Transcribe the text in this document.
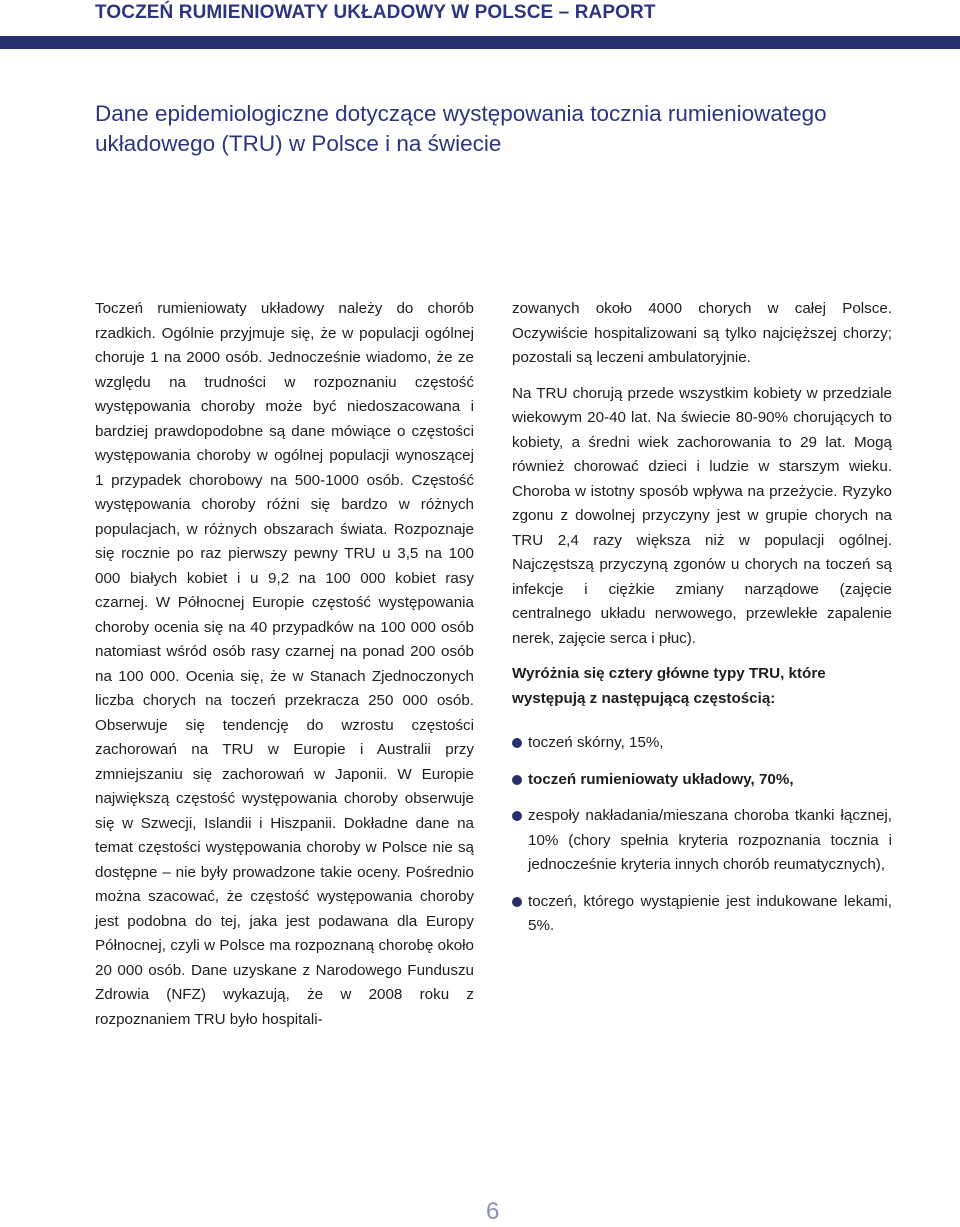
TOCZEŃ RUMIENIOWATY UKŁADOWY W POLSCE – RAPORT
Dane epidemiologiczne dotyczące występowania tocznia rumieniowatego układowego (TRU) w Polsce i na świecie

Toczeń rumieniowaty układowy należy do chorób rzadkich. Ogólnie przyjmuje się, że w populacji ogólnej choruje 1 na 2000 osób. Jednocześnie wiadomo, że ze względu na trudności w rozpoznaniu częstość występowania choroby może być niedoszacowana i bardziej prawdopodobne są dane mówiące o częstości występowania choroby w ogólnej populacji wynoszącej 1 przypadek chorobowy na 500-1000 osób. Częstość występowania choroby różni się bardzo w różnych populacjach, w różnych obszarach świata. Rozpoznaje się rocznie po raz pierwszy pewny TRU u 3,5 na 100 000 białych kobiet i u 9,2 na 100 000 kobiet rasy czarnej. W Północnej Europie częstość występowania choroby ocenia się na 40 przypadków na 100 000 osób natomiast wśród osób rasy czarnej na ponad 200 osób na 100 000. Ocenia się, że w Stanach Zjednoczonych liczba chorych na toczeń przekracza 250 000 osób. Obserwuje się tendencję do wzrostu częstości zachorowań na TRU w Europie i Australii przy zmniejszaniu się zachorowań w Japonii. W Europie największą częstość występowania choroby obserwuje się w Szwecji, Islandii i Hiszpanii. Dokładne dane na temat częstości występowania choroby w Polsce nie są dostępne – nie były prowadzone takie oceny. Pośrednio można szacować, że częstość występowania choroby jest podobna do tej, jaka jest podawana dla Europy Północnej, czyli w Polsce ma rozpoznaną chorobę około 20 000 osób. Dane uzyskane z Narodowego Funduszu Zdrowia (NFZ) wykazują, że w 2008 roku z rozpoznaniem TRU było hospitali-

zowanych około 4000 chorych w całej Polsce. Oczywiście hospitalizowani są tylko najcięższej chorzy; pozostali są leczeni ambulatoryjnie.

Na TRU chorują przede wszystkim kobiety w przedziale wiekowym 20-40 lat. Na świecie 80-90% chorujących to kobiety, a średni wiek zachorowania to 29 lat. Mogą również chorować dzieci i ludzie w starszym wieku. Choroba w istotny sposób wpływa na przeżycie. Ryzyko zgonu z dowolnej przyczyny jest w grupie chorych na TRU 2,4 razy większa niż w populacji ogólnej. Najczęstszą przyczyną zgonów u chorych na toczeń są infekcje i ciężkie zmiany narządowe (zajęcie centralnego układu nerwowego, przewlekłe zapalenie nerek, zajęcie serca i płuc).

Wyróżnia się cztery główne typy TRU, które występują z następującą częstością:

toczeń skórny, 15%,
toczeń rumieniowaty układowy, 70%,
zespoły nakładania/mieszana choroba tkanki łącznej, 10% (chory spełnia kryteria rozpoznania tocznia i jednocześnie kryteria innych chorób reumatycznych),
toczeń, którego wystąpienie jest indukowane lekami, 5%.
6
